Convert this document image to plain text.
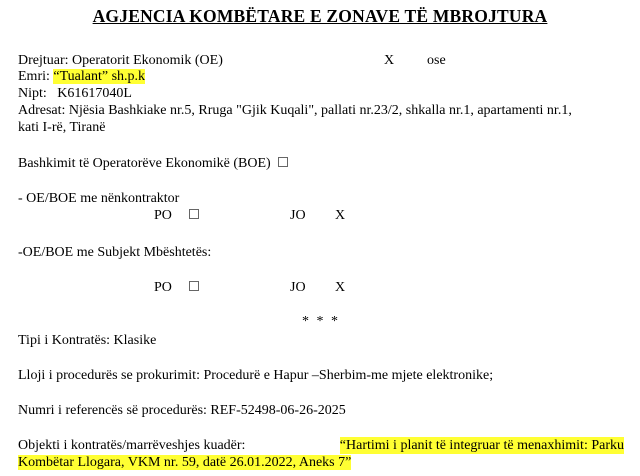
AGJENCIA KOMBËTARE E ZONAVE TË MBROJTURA
Drejtuar: Operatorit Ekonomik (OE)	X ose
Emri: “Tualant” sh.p.k
Nipt: K61617040L
Adresat: Njësia Bashkiake nr.5, Rruga "Gjik Kuqali", pallati nr.23/2, shkalla nr.1, apartamenti nr.1,
kati I-rë, Tiranë
Bashkimit të Operatorëve Ekonomikë (BOE)
- OE/BOE me nënkontraktor
PO	JO X
-OE/BOE me Subjekt Mbështetës:
PO	JO X
* * *
Tipi i Kontratës: Klasike
Lloji i procedurës se prokurimit: Procedurë e Hapur –Sherbim-me mjete elektronike;
Numri i referencës së procedurës: REF-52498-06-26-2025
Objekti i kontratës/marrëveshjes kuadër:	“Hartimi i planit të integruar të menaxhimit: Parku
Kombëtar Llogara, VKM nr. 59, datë 26.01.2022, Aneks 7”
